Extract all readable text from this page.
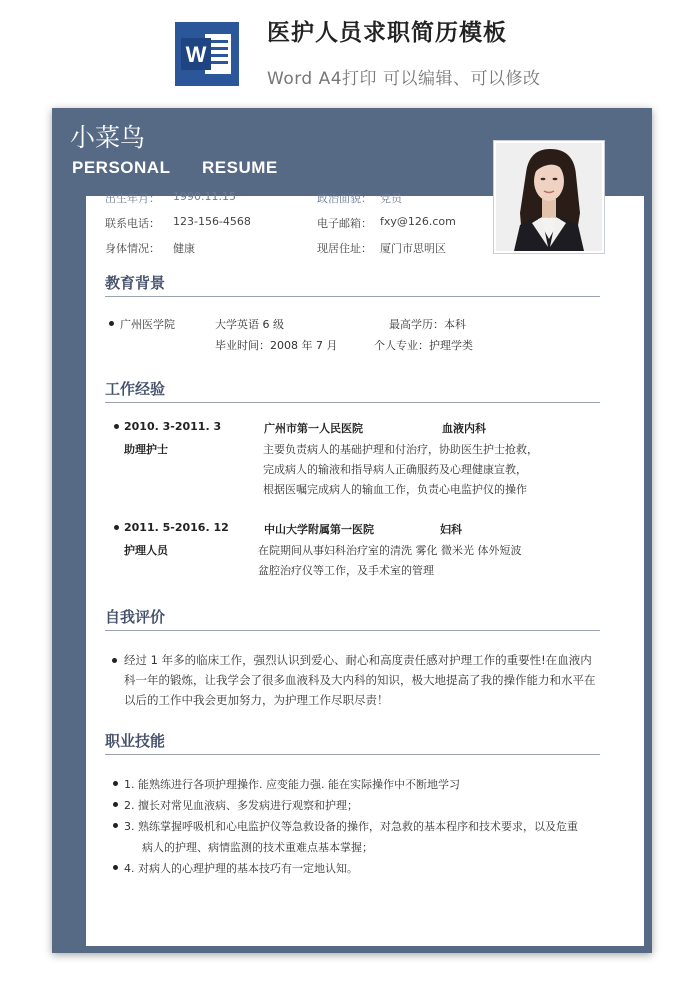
W
医护人员求职简历模板
Word A4打印 可以编辑、可以修改
小菜鸟
PERSONAL RESUME
出生年月： 1990.11.15	政治面貌： 党员
联系电话： 123-156-4568	电子邮箱： fxy@126.com
身体情况： 健康	现居住址： 厦门市思明区
教育背景
广州医学院	大学英语 6 级	最高学历：本科
毕业时间：2008 年 7 月	个人专业：护理学类
工作经验
2010. 3-2011. 3
助理护士
广州市第一人民医院	血液内科
主要负责病人的基础护理和付治疗，协助医生护士抢救，
完成病人的输液和指导病人正确服药及心理健康宣教，
根据医嘱完成病人的输血工作，负责心电监护仪的操作
2011. 5-2016. 12
护理人员
中山大学附属第一医院	妇科
在院期间从事妇科治疗室的清洗 雾化 微米光 体外短波
盆腔治疗仪等工作，及手术室的管理
自我评价
经过 1 年多的临床工作，强烈认识到爱心、耐心和高度责任感对护理工作的重要性!在血液内
科一年的锻炼，让我学会了很多血液科及大内科的知识，极大地提高了我的操作能力和水平在
以后的工作中我会更加努力，为护理工作尽职尽责！
职业技能
1. 能熟练进行各项护理操作. 应变能力强. 能在实际操作中不断地学习
2. 擅长对常见血液病、多发病进行观察和护理；
3. 熟练掌握呼吸机和心电监护仪等急救设备的操作，对急救的基本程序和技术要求，以及危重
病人的护理、病情监测的技术重难点基本掌握；
4. 对病人的心理护理的基本技巧有一定地认知。
